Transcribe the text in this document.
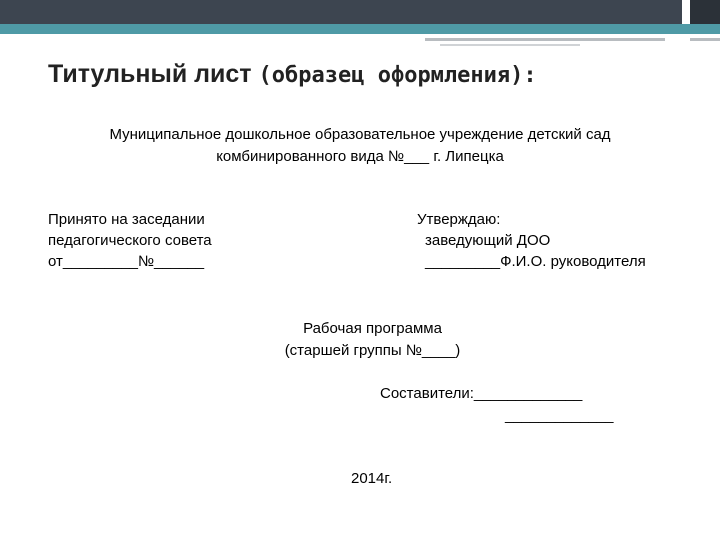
Титульный лист (образец оформления):
Муниципальное дошкольное образовательное учреждение детский сад
комбинированного вида №___ г. Липецка
Принято на заседании
педагогического совета
от_________№______
Утверждаю:
заведующий ДОО
_________Ф.И.О. руководителя
Рабочая программа
(старшей группы №____)
Составители:_____________
_____________
2014г.
